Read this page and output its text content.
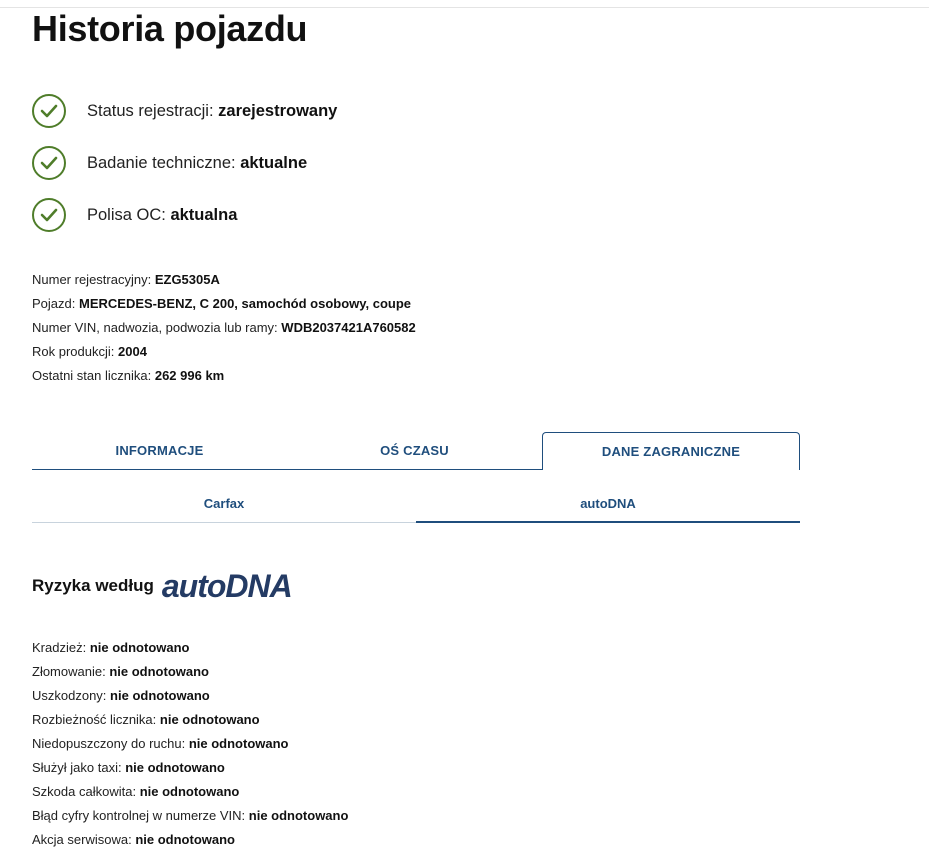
Historia pojazdu
Status rejestracji: zarejestrowany
Badanie techniczne: aktualne
Polisa OC: aktualna
Numer rejestracyjny: EZG5305A
Pojazd: MERCEDES-BENZ, C 200, samochód osobowy, coupe
Numer VIN, nadwozia, podwozia lub ramy: WDB2037421A760582
Rok produkcji: 2004
Ostatni stan licznika: 262 996 km
INFORMACJE	OŚ CZASU	DANE ZAGRANICZNE
Carfax	autoDNA
Ryzyka według autoDNA
Kradzież: nie odnotowano
Złomowanie: nie odnotowano
Uszkodzony: nie odnotowano
Rozbieżność licznika: nie odnotowano
Niedopuszczony do ruchu: nie odnotowano
Służył jako taxi: nie odnotowano
Szkoda całkowita: nie odnotowano
Błąd cyfry kontrolnej w numerze VIN: nie odnotowano
Akcja serwisowa: nie odnotowano
